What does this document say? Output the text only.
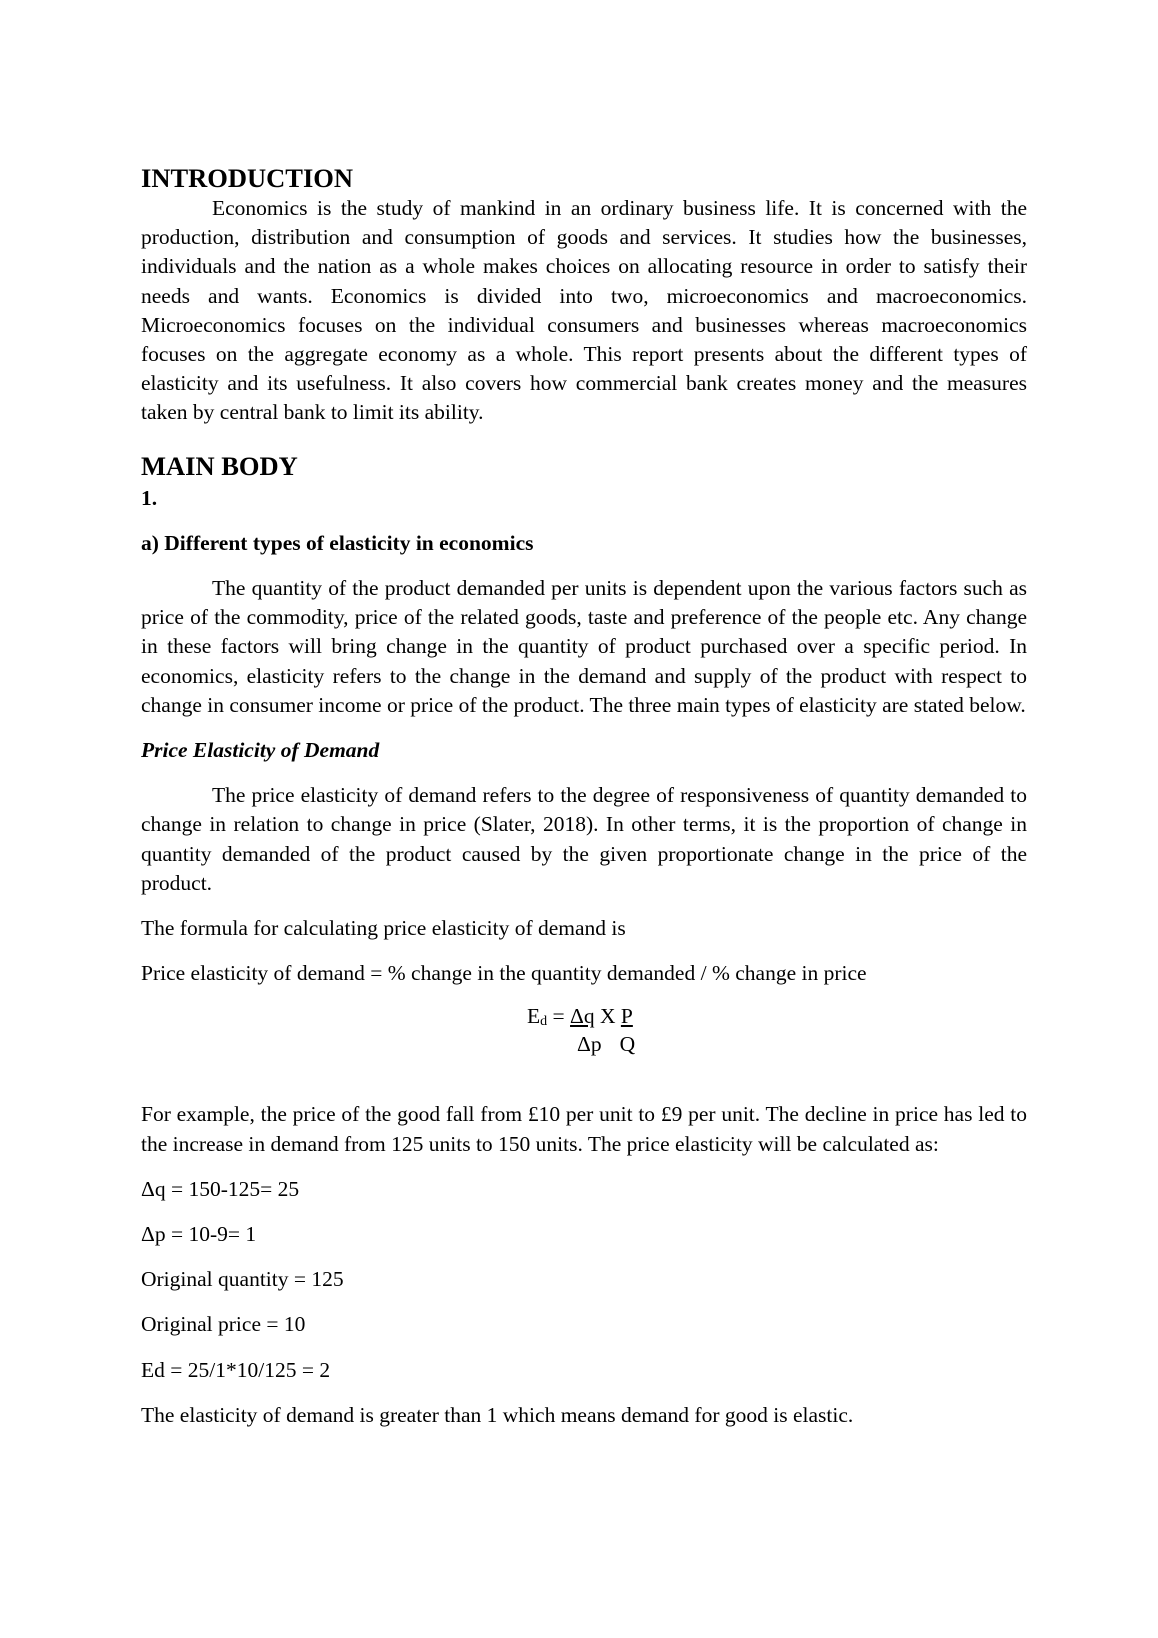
INTRODUCTION

Economics is the study of mankind in an ordinary business life. It is concerned with the production, distribution and consumption of goods and services. It studies how the businesses, individuals and the nation as a whole makes choices on allocating resource in order to satisfy their needs and wants. Economics is divided into two, microeconomics and macroeconomics. Microeconomics focuses on the individual consumers and businesses whereas macroeconomics focuses on the aggregate economy as a whole. This report presents about the different types of elasticity and its usefulness. It also covers how commercial bank creates money and the measures taken by central bank to limit its ability.

MAIN BODY
1.
a) Different types of elasticity in economics

The quantity of the product demanded per units is dependent upon the various factors such as price of the commodity, price of the related goods, taste and preference of the people etc. Any change in these factors will bring change in the quantity of product purchased over a specific period. In economics, elasticity refers to the change in the demand and supply of the product with respect to change in consumer income or price of the product. The three main types of elasticity are stated below.

Price Elasticity of Demand

The price elasticity of demand refers to the degree of responsiveness of quantity demanded to change in relation to change in price (Slater, 2018). In other terms, it is the proportion of change in quantity demanded of the product caused by the given proportionate change in the price of the product.

The formula for calculating price elasticity of demand is

Price elasticity of demand = % change in the quantity demanded / % change in price

Ed = Δq X P
Δp Q

For example, the price of the good fall from £10 per unit to £9 per unit. The decline in price has led to the increase in demand from 125 units to 150 units. The price elasticity will be calculated as:

Δq = 150-125= 25

Δp = 10-9= 1

Original quantity = 125

Original price = 10

Ed = 25/1*10/125 = 2

The elasticity of demand is greater than 1 which means demand for good is elastic.
